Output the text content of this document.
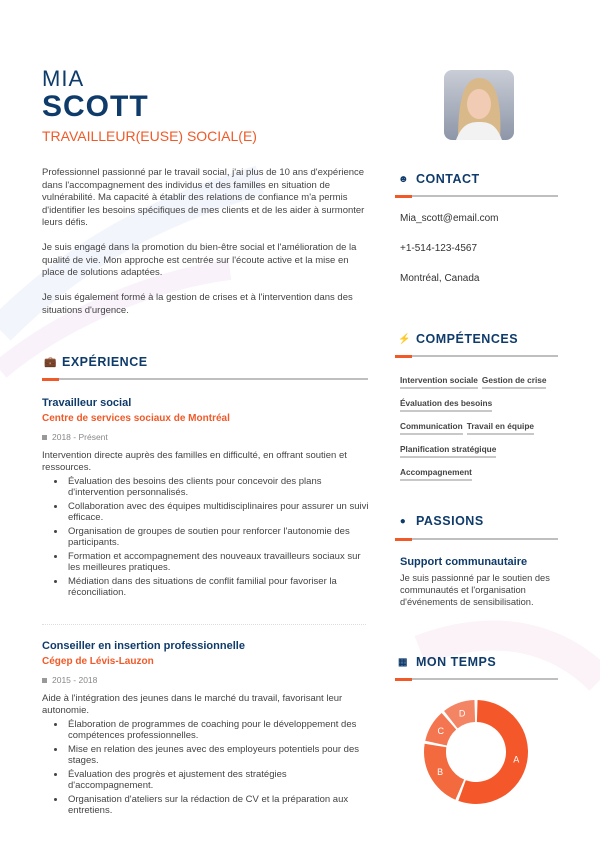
MIA
SCOTT
TRAVAILLEUR(EUSE) SOCIAL(E)

Professionnel passionné par le travail social, j'ai plus de 10 ans d'expérience dans l'accompagnement des individus et des familles en situation de vulnérabilité. Ma capacité à établir des relations de confiance m'a permis d'identifier les besoins spécifiques de mes clients et de les aider à surmonter leurs défis.

Je suis engagé dans la promotion du bien-être social et l'amélioration de la qualité de vie. Mon approche est centrée sur l'écoute active et la mise en place de solutions adaptées.

Je suis également formé à la gestion de crises et à l'intervention dans des situations d'urgence.

💼 EXPÉRIENCE
Travailleur social
Centre de services sociaux de Montréal
2018 - Présent
Intervention directe auprès des familles en difficulté, en offrant soutien et ressources.
• Évaluation des besoins des clients pour concevoir des plans d'intervention personnalisés.
• Collaboration avec des équipes multidisciplinaires pour assurer un suivi efficace.
• Organisation de groupes de soutien pour renforcer l'autonomie des participants.
• Formation et accompagnement des nouveaux travailleurs sociaux sur les meilleures pratiques.
• Médiation dans des situations de conflit familial pour favoriser la réconciliation.
Conseiller en insertion professionnelle
Cégep de Lévis-Lauzon
2015 - 2018
Aide à l'intégration des jeunes dans le marché du travail, favorisant leur autonomie.
• Élaboration de programmes de coaching pour le développement des compétences professionnelles.
• Mise en relation des jeunes avec des employeurs potentiels pour des stages.
• Évaluation des progrès et ajustement des stratégies d'accompagnement.
• Organisation d'ateliers sur la rédaction de CV et la préparation aux entretiens.
☻ CONTACT
Mia_scott@email.com
+1-514-123-4567
Montréal, Canada
⚡ COMPÉTENCES
Intervention sociale Gestion de crise
Évaluation des besoins
Communication Travail en équipe
Planification stratégique
Accompagnement
● PASSIONS
Support communautaire
Je suis passionné par le soutien des communautés et l'organisation d'événements de sensibilisation.
▦ MON TEMPS
A
B
C
D
